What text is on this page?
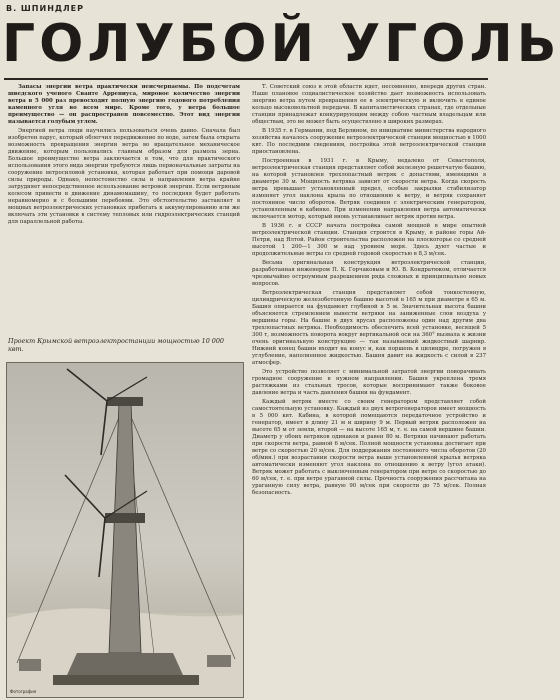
В. ШПИНДЛЕР
ГОЛУБОЙ УГОЛЬ

Запасы энергии ветра практически неисчерпаемы. По подсчетам шведского ученого Сванте Аррениуса, мировое количество энергии ветра в 5 000 раз превосходит полную энергию годового потребления каменного угля во всем мире. Кроме того, у ветра большое преимущество — он распространен повсеместно. Этот вид энергии называется голубым углем.

Энергией ветра люди научились пользоваться очень давно. Сначала был изобретен парус, который облегчил передвижение по воде, затем была открыта возможность превращения энергии ветра во вращательное механическое движение, которым пользовались главным образом для размола зерна. Большое преимущество ветра заключается в том, что для практического использования этого вида энергии требуются лишь первоначальные затраты на сооружение ветросиловой установки, которая работает при помощи даровой силы природы. Однако, непостоянство силы и направления ветра крайне затрудняет непосредственное использование ветровой энергии. Если ветряным колесом привести в движение динамомашину, то последняя будет работать неравномерно и с большими перебоями. Это обстоятельство заставляет в мощных ветроэлектрических установках прибегать к аккумулированию или же включать эти установки в систему тепловых или гидроэлектрических станций для параллельной работы.

Проект Крымской ветроэлектростанции мощностью 10 000 квт.
Фотография

Т. Советский союз в этой области идет, несомненно, впереди других стран. Наше плановое социалистическое хозяйство дает возможность использовать энергию ветра путем превращения ее в электрическую и включить в единое кольцо высоковольтной передачи. В капиталистических странах, где отдельные станции принадлежат конкурирующим между собою частным владельцам или обществам, это не может быть осуществлено в широких размерах.

В 1935 г. в Германии, под Берлином, по инициативе министерства народного хозяйства началось сооружение ветроэлектрической станции мощностью в 1000 квт. По последним сведениям, постройка этой ветроэлектрической станции приостановлена.

Построенная в 1931 г. в Крыму, недалеко от Севастополя, ветроэлектрическая станция представляет собой железную решетчатую башню, на которой установлен трехлопастный ветряк с допастями, имеющими в диаметре 30 м. Мощность ветряка зависит от скорости ветра. Когда скорость ветра превышает установленный предел, особые закрылки стабилизатор изменяет угол наклона крыла по отношению к ветру, и ветряк сохраняет постоянное число оборотов. Ветряк соединен с электрическим генератором, установленным в кабинке. При изменении направления ветра автоматически включается мотор, который вновь устанавливает ветряк против ветра.

В 1936 г. в СССР начата постройка самой мощной в мире опытной ветроэлектрической станции. Станция строится в Крыму, в районе горы Ай-Петри, над Ялтой. Район строительства расположен на плоскогорье со средней высотой 1 200—1 300 м над уровнем моря. Здесь дуют частые и продолжительные ветры со средней годовой скоростью в 8,3 м/сек.

Весьма оригинальная конструкция ветроэлектрической станции, разработанная инженером П. К. Горчаковым и Ю. В. Кондратюком, отличается чрезвычайно остроумным разрешением ряда сложных и принципиально новых вопросов.

Ветроэлектрическая станция представляет собой тонкостенную, цилиндрическую железобетонную башню высотой в 165 м при диаметре в 65 м. Башня опирается на фундамент глубиной в 5 м. Значительная высота башни объясняется стремлением вынести ветряки на заниженные слои воздуха у вершины горы. На башне в двух ярусах расположены один над другим два трехлопастных ветряка. Необходимость обеспечить всей установке, весящей 5 300 т, возможность поворота вокруг вертикальной оси на 360° вызвала к жизни очень оригинальную конструкцию — так называемый жидкостный шарнир. Нижний конец башни входит на конус и, как поршень в цилиндре, погружен в углубление, наполненное жидкостью. Башня давит на жидкость с силой в 237 атмосфер.

Это устройство позволяет с минимальной затратой энергии поворачивать громадное сооружение в нужном направлении. Башня укреплена тремя растяжками из стальных тросов, которые воспринимают также боковое давление ветра и часть давления башни на фундамент.

Каждый ветряк вместе со своим генератором представляет собой самостоятельную установку. Каждый из двух ветрогенераторов имеет мощность в 5 000 квт. Кабина, в которой помещаются передаточное устройство и генератор, имеет в длину 21 м и ширину 9 м. Первый ветряк расположен на высоте 65 м от земли, второй — на высоте 165 м, т. е. на самой вершине башни. Диаметр у обоих ветряков одинаков и равен 80 м. Ветряки начинают работать при скорости ветра, равной 6 м/сек. Полной мощности установка достигает при ветре со скоростью 20 м/сек. Для поддержания постоянного числа оборотов (20 об/мин.) при возрастании скорости ветра выше установленной крылья ветряка автоматически изменяют угол наклона по отношению к ветру (угол атаки). Ветряк может работать с выключенным генератором при ветре со скоростью до 60 м/сек, т. е. при ветре ураганной силы. Прочность сооружения рассчитана на ураганную силу ветра, равную 90 м/сек при скорости до 75 м/сек. Полная безопасность.
